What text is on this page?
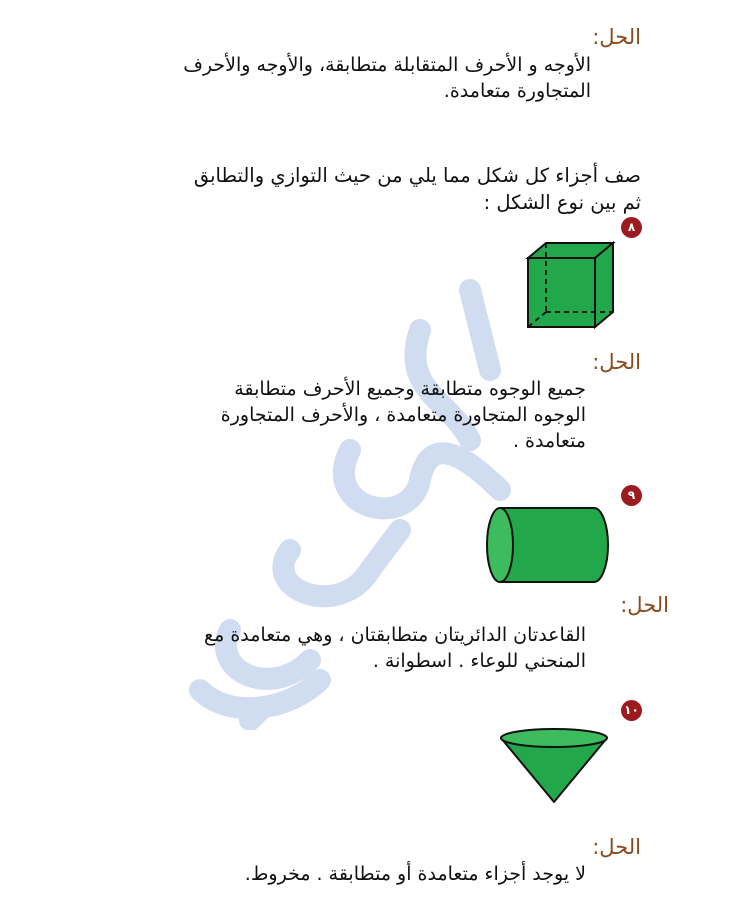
الحل:
الأوجه و الأحرف المتقابلة متطابقة، والأوجه والأحرف
المتجاورة متعامدة.
صف أجزاء كل شكل مما يلي من حيث التوازي والتطابق
ثم بين نوع الشكل :
٨
الحل:
جميع الوجوه متطابقة وجميع الأحرف متطابقة
الوجوه المتجاورة متعامدة ، والأحرف المتجاورة
متعامدة .
٩
الحل:
القاعدتان الدائريتان متطابقتان ، وهي متعامدة مع
المنحني للوعاء . اسطوانة .
١٠
الحل:
لا يوجد أجزاء متعامدة أو متطابقة . مخروط.
